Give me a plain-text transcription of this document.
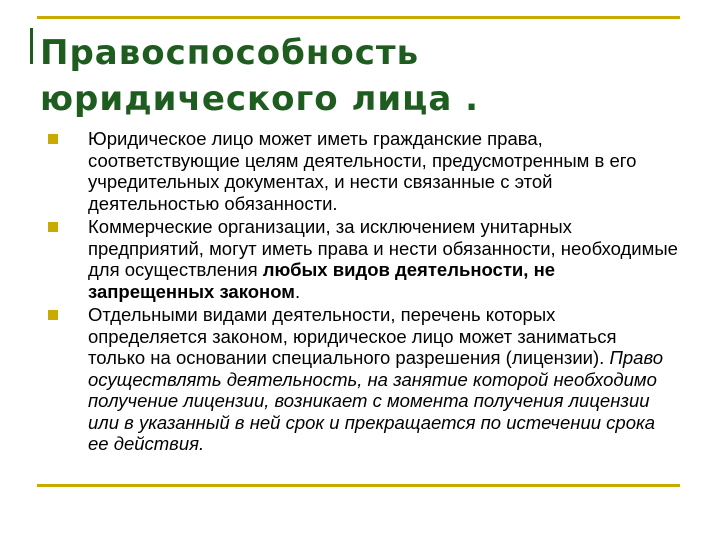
Правоспособность
юридического лица .
Юридическое лицо может иметь гражданские права, соответствующие целям деятельности, предусмотренным в его учредительных документах, и нести связанные с этой деятельностью обязанности.
Коммерческие организации, за исключением унитарных предприятий, могут иметь права и нести обязанности, необходимые для осуществления любых видов деятельности, не запрещенных законом.
Отдельными видами деятельности, перечень которых определяется законом, юридическое лицо может заниматься только на основании специального разрешения (лицензии). Право осуществлять деятельность, на занятие которой необходимо получение лицензии, возникает с момента получения лицензии или в указанный в ней срок и прекращается по истечении срока ее действия.
